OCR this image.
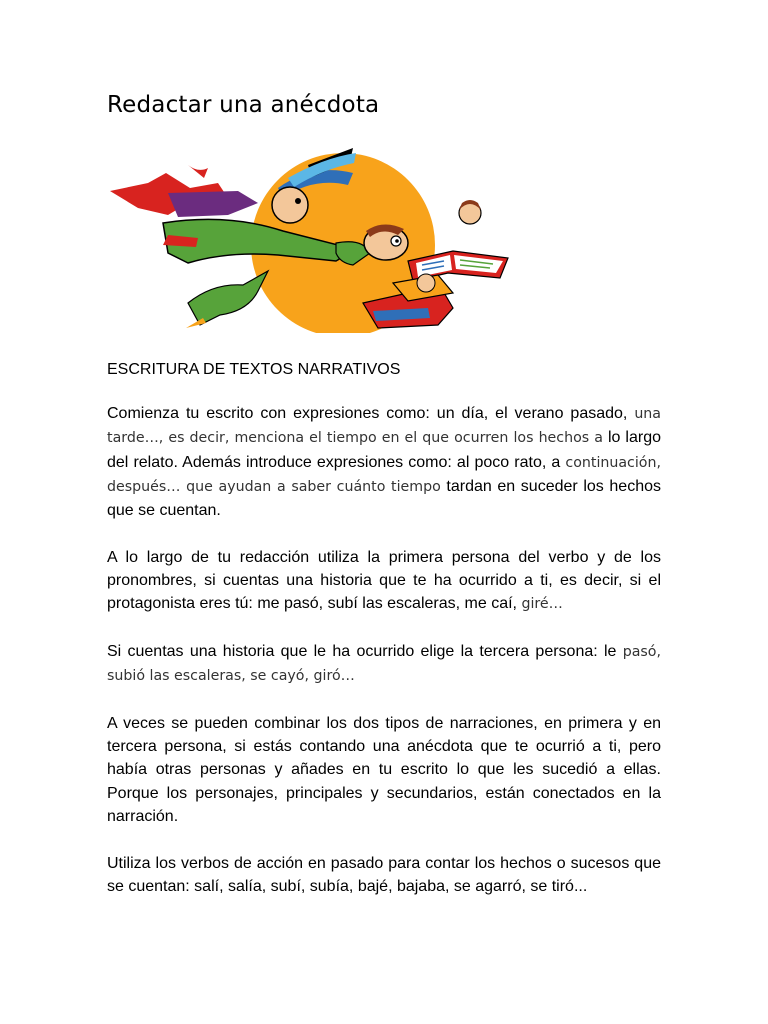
Redactar una anécdota
ESCRITURA DE TEXTOS NARRATIVOS

Comienza tu escrito con expresiones como: un día, el verano pasado, una tarde…, es decir, menciona el tiempo en el que ocurren los hechos a lo largo del relato. Además introduce expresiones como: al poco rato, a continuación, después… que ayudan a saber cuánto tiempo tardan en suceder los hechos que se cuentan.

A lo largo de tu redacción utiliza la primera persona del verbo y de los pronombres, si cuentas una historia que te ha ocurrido a ti, es decir, si el protagonista eres tú: me pasó, subí las escaleras, me caí, giré…

Si cuentas una historia que le ha ocurrido elige la tercera persona: le pasó, subió las escaleras, se cayó, giró…

A veces se pueden combinar los dos tipos de narraciones, en primera y en tercera persona, si estás contando una anécdota que te ocurrió a ti, pero había otras personas y añades en tu escrito lo que les sucedió a ellas. Porque los personajes, principales y secundarios, están conectados en la narración.

Utiliza los verbos de acción en pasado para contar los hechos o sucesos que se cuentan: salí, salía, subí, subía, bajé, bajaba, se agarró, se tiró...
